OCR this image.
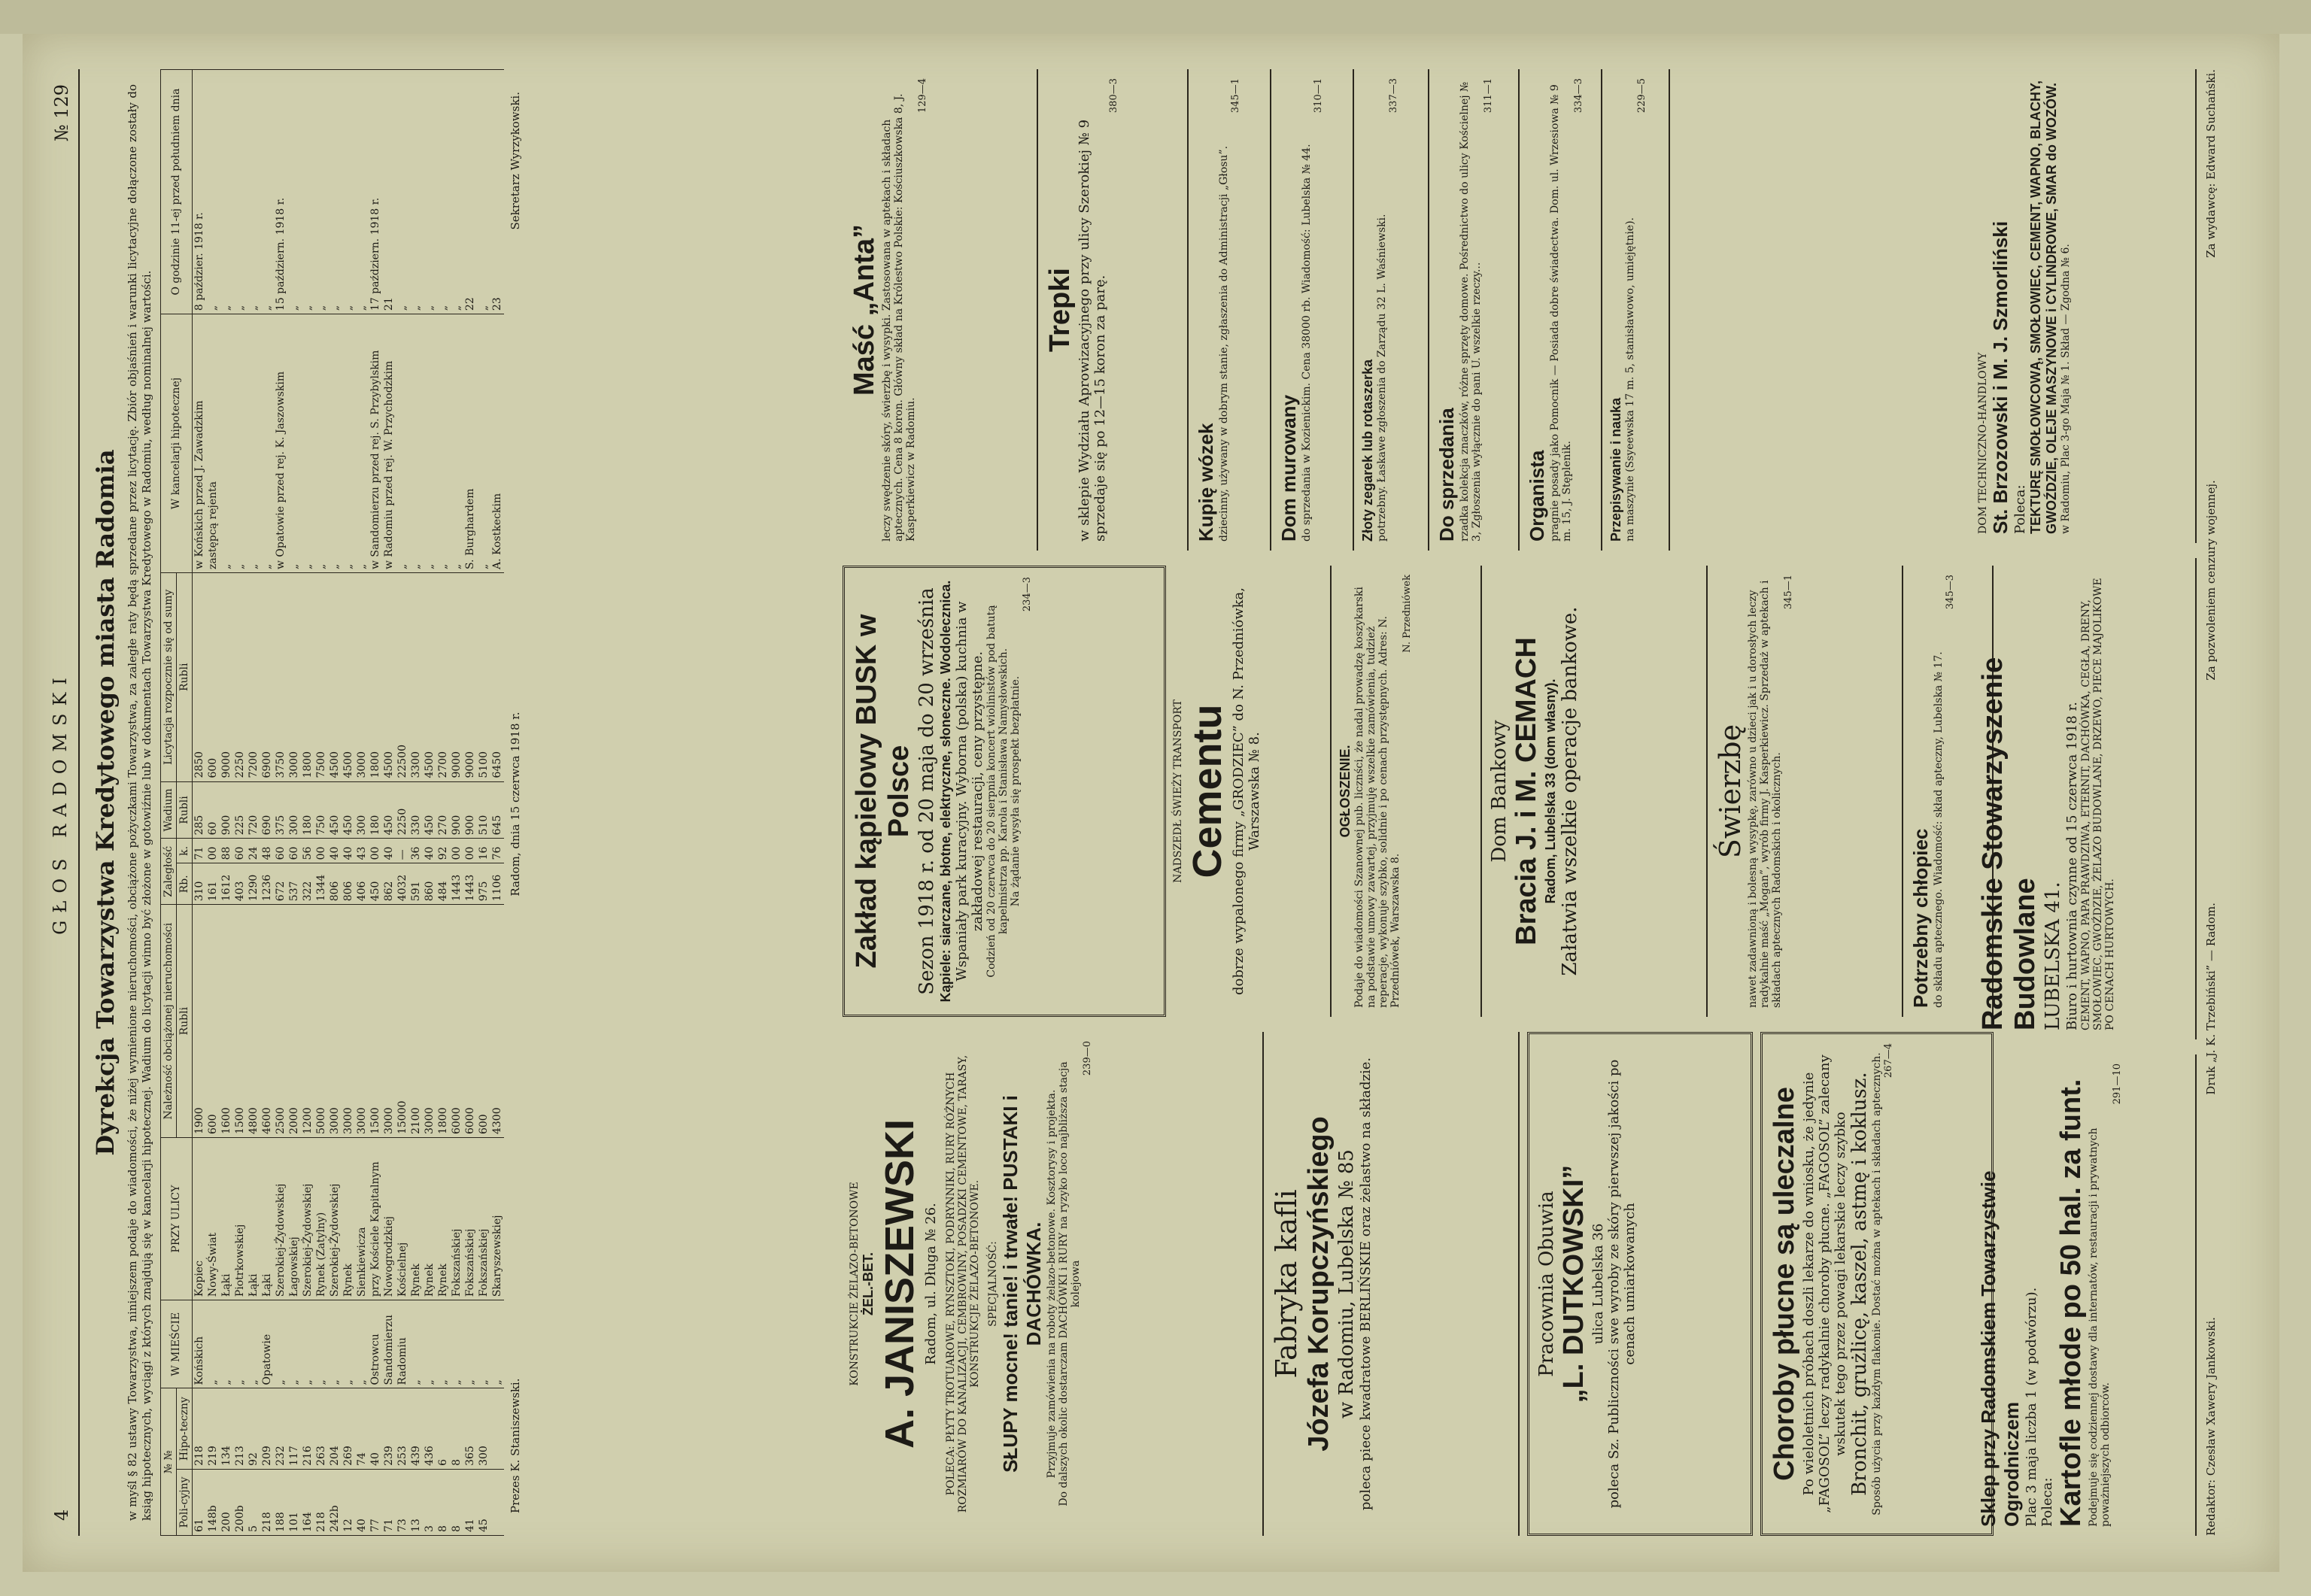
4
GŁOS RADOMSKI
№ 129
Dyrekcja Towarzystwa Kredytowego miasta Radomia w myśl § 82 ustawy Towarzystwa, niniejszem podaje do wiadomości, że niżej wymienione nieruchomości, obciążone pożyczkami Towarzystwa, za zaległe raty będą sprzedane przez licytację. Zbiór objaśnień i warunki licytacyjne dołączone zostały do ksiąg hipotecznych, wyciągi z których znajdują się w kancelarji hipotecznej. Wadium do licytacji winno być złożone w gotowiźnie lub w dokumentach Towarzystwa Kredytowego w Radomiu, według nominalnej wartości. № №		W MIEŚCIE	PRZY ULICY	Należność obciążonej nieruchomości	Zaległość		Wadium	Licytacja rozpocznie się od sumy	W kancelarji hipotecznej	O godzinie 11-ej przed południem dnia
Poli-cyjny	Hipo-teczny			Rubli	Rb.	k.	Rubli	Rubli		
61	218	Końskich	Kopiec	1900	310	71	285	2850	w Końskich przed J. Zawadzkim	8 paździer. 1918 r.
148b	219	„	Nowy-Świat	600	161	00	60	600	zastępcą rejenta	„
200	134	„	Łąki	1600	1612	88	900	9000	„	„
200b	213	„	Piotrkowskiej	1500	403	60	225	2250	„	„
5	92	„	Łąki	4800	1290	24	720	7200	„	„
218	209	Opatowie	Łąki	4600	1236	48	690	6900	„	„
188	232	„	Szerokiej-Żydowskiej	2500	672	60	375	3750	w Opatowie przed rej. K. Jaszowskim	15 październ. 1918 r.
101	117	„	Łagowskiej	2000	537	60	300	3000	„	„
164	216	„	Szerokiej-Żydowskiej	1200	322	56	180	1800	„	„
218	263	„	Rynek (Zatylny)	5000	1344	00	750	7500	„	„
242b	204	„	Szerokiej-Żydowskiej	3000	806	40	450	4500	„	„
12	269	„	Rynek	3000	806	40	450	4500	„	„
40	74	„	Sienkiewicza	3000	406	43	300	3000	„	„
77	40	Ostrowcu	przy Kościele Kapitalnym	1500	450	00	180	1800	w Sandomierzu przed rej. S. Przybylskim	17 październ. 1918 r.
71	239	Sandomierzu	Nowogrodzkiej	3000	862	40	450	4500	w Radomiu przed rej. W. Przychodzkim	21
73	253	Radomiu	Kościelnej	15000	4032	—	2250	22500	„	„
13	439	„	Rynek	2100	591	36	330	3300	„	„
3	436	„	Rynek	3000	860	40	450	4500	„	„
8	6	„	Rynek	1800	484	92	270	2700	„	„
8	8	„	Fokszańskiej	6000	1443	00	900	9000	„	„
41	365	„	Fokszańskiej	6000	1443	00	900	9000	S. Burghardem	22
45	300	„	Fokszańskiej	600	975	16	510	5100	„	„
		„	Skaryszewskiej	4300	1106	76	645	6450	A. Kostkeckim	23
Prezes K. Staniszewski.
Radom, dnia 15 czerwca 1918 r.
Sekretarz Wyrzykowski.
KONSTRUKCIE ŻELAZO-BETONOWE ŻEL.-BET. A. JANISZEWSKI Radom, ul. Długa № 26. POLECA: PŁYTY TROTUAROWE, RYNSZTOKI, PODRYNNIKI, RURY RÓŻNYCH ROZMIARÓW DO KANALIZACJI, CEMBROWINY, POSADZKI CEMENTOWE, TARASY, KONSTRUKCJE ŻELAZO-BETONOWE. SPECJALNOŚĆ: SŁUPY mocne! tanie! i trwałe! PUSTAKI i DACHÓWKA. Przyjmuje zamówienia na roboty żelazo-betonowe. Kosztorysy i projekta. Do dalszych okolic dostarczam DACHÓWKI i RURY na ryzyko loco najbliższa stacja kolejowa
239—0
Fabryka kafli Józefa Korupczyńskiego w Radomiu, Lubelska № 85 poleca piece kwadratowe BERLIŃSKIE oraz żelastwo na składzie.	Pracownia Obuwia „L. DUTKOWSKI” ulica Lubelska 36 poleca Sz. Publiczności swe wyroby ze skóry pierwszej jakości po cenach umiarkowanych	Choroby płucne są uleczalne Po wieloletnich próbach doszli lekarze do wniosku, że jedynie „FAGOSOL” leczy radykalnie choroby płucne. „FAGOSOL” zalecany wskutek tego przez powagi lekarskie leczy szybko Bronchit, grużlicę, kaszel, astmę i koklusz. Sposób użycia przy każdym flakonie. Dostać można w aptekach i składach aptecznych. 267—4
Zakład kąpielowy BUSK w Polsce Sezon 1918 r. od 20 maja do 20 września Kąpiele: siarczane, błotne, elektryczne, słoneczne. Wodolecznica. Wspaniały park kuracyjny. Wyborna (polska) kuchnia w zakładowej restauracji, ceny przystępne. Codzień od 20 czerwca do 20 sierpnia koncert wiolinistów pod batutą kapelmistrza pp. Karola i Stanisława Namysłowskich. Na żądanie wysyła się prospekt bezpłatnie.
234—3
NADSZEDŁ ŚWIEŻY TRANSPORT Cementu dobrze wypalonego firmy „GRODZIEC” do N. Przedniówka, Warszawska № 8.	OGŁOSZENIE. Podaje do wiadomości Szanownej pub. licznści, że nadal prowadzę koszykarski na podstawie umowy zawartej, przyjmuję wszelkie zamówienia, tudzież reperacje, wykonuje szybko, solidnie i po cenach przystępnych. Adres: N. Przedniówek, Warszawska 8.
N. Przedniówek
Dom Bankowy Bracia J. i M. CEMACH Radom, Lubelska 33 (dom własny). Załatwia wszelkie operacje bankowe.	Świerzbę nawet zadawnioną i bolesną wysypkę, zarówno u dzieci jak i u dorosłych leczy radykalnie maść „Mogan”, wyrób firmy J. Kasperkiewicz. Sprzedaż w aptekach i składach aptecznych Radomskich i okolicznych.
345—1
Potrzebny chłopiec do składu aptecznego. Wiadomość: skład apteczny, Lubelska № 17.
345—3
Maść „Anta” leczy swędzenie skóry, świerzbę i wysypki. Zastosowana w aptekach i składach aptecznych. Cena 8 koron. Główny skład na Królestwo Polskie: Kościuszkowska 8, J. Kasperkiewicz w Radomiu.
129—4
Trepki w sklepie Wydziału Aprowizacyjnego przy ulicy Szerokiej № 9 sprzedaje się po 12—15 koron za parę.
380—3
Kupię wózek dziecinny, używany w dobrym stanie, zgłaszenia do Administracji „Głosu”.
345—1
Dom murowany do sprzedania w Kozienickim. Cena 38000 rb. Wiadomość: Lubelska № 44.
310—1
Złoty zegarek lub rotaszerka potrzebny. Łaskawe zgłoszenia do Zarządu 32 L. Waśniewski.
337—3
Do sprzedania rzadka kolekcja znaczków, różne sprzęty domowe. Pośrednictwo do ulicy Kościelnej № 3, Zgłoszenia wyłącznie do pani U. wszelkie rzeczy...
311—1
Organista pragnie posady jako Pomocnik — Posiada dobre świadectwa. Dom. ul. Wrzesiowa № 9 m. 15, J. Stęplenik.
334—3
Przepisywanie i nauka na maszynie (Ssyeewska 17 m. 5, stanisławowo, umiejętnie).
229—5
Sklep przy Radomskiem Towarzystwie Ogrodniczem Plac 3 maja liczba 1 (w podwórzu). Poleca: Kartofle młode po 50 hal. za funt. Podejmuje się codziennej dostawy dla internatów, restauracji i prywatnych poważniejszych odbiorców.
291—10
Radomskie Stowarzyszenie Budowlane LUBELSKA 41. Biuro i hurtownia czynne od 15 czerwca 1918 r. CEMENT, WAPNO, PAPA PRAWDZIWA, ETERNIT, DACHÓWKA, CEGŁA, DRENY, SMOŁOWIEC, GWOŹDZIE, ŻELAZO BUDOWLANE, DRZEWO, PIECE MAJOLIKOWE PO CENACH HURTOWYCH.
DOM TECHNICZNO-HANDLOWY St. Brzozowski i M. J. Szmorliński Poleca: TEKTURĘ SMOŁOWCOWĄ, SMOŁOWIEC, CEMENT, WAPNO, BLACHY, GWOŹDZIE, OLEJE MASZYNOWE i CYLINDROWE, SMAR do WOZÓW. w Radomiu, Plac 3-go Maja № 1. Skład — Zgodna № 6.
Redaktor: Czesław Xawery Jankowski.
Druk „J. K. Trzebiński” — Radom.
Za pozwoleniem cenzury wojennej.
Za wydawcę: Edward Suchański.
